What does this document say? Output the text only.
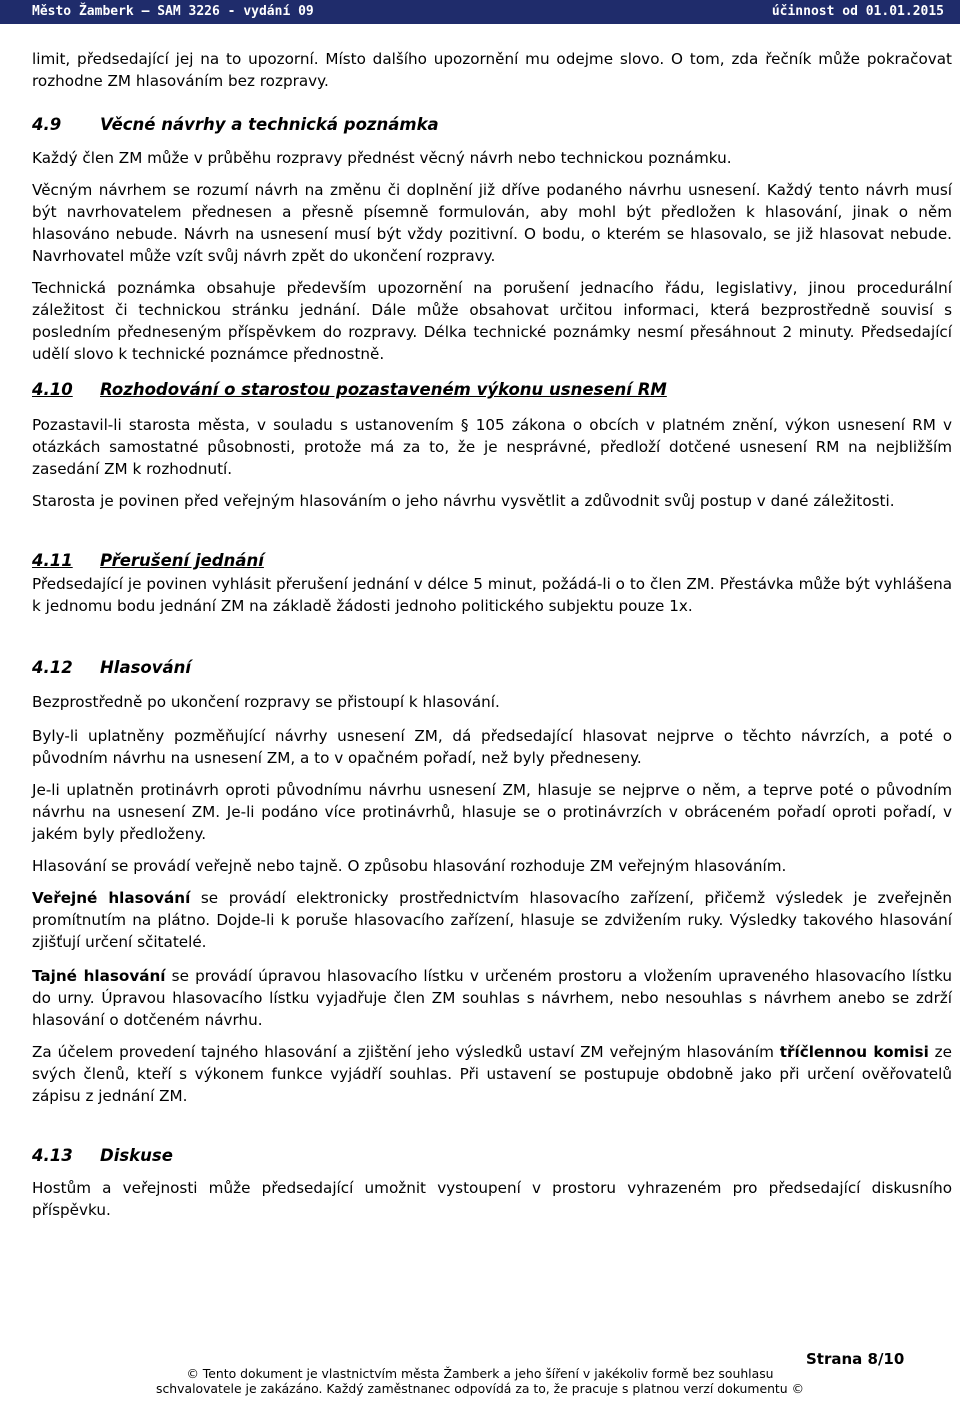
Město Žamberk – SAM 3226 - vydání 09	účinnost od 01.01.2015

limit, předsedající jej na to upozorní. Místo dalšího upozornění mu odejme slovo. O tom, zda řečník může pokračovat rozhodne ZM hlasováním bez rozpravy.

4.9	Věcné návrhy a technická poznámka

Každý člen ZM může v průběhu rozpravy přednést věcný návrh nebo technickou poznámku.

Věcným návrhem se rozumí návrh na změnu či doplnění již dříve podaného návrhu usnesení. Každý tento návrh musí být navrhovatelem přednesen a přesně písemně formulován, aby mohl být předložen k hlasování, jinak o něm hlasováno nebude. Návrh na usnesení musí být vždy pozitivní. O bodu, o kterém se hlasovalo, se již hlasovat nebude. Navrhovatel může vzít svůj návrh zpět do ukončení rozpravy.

Technická poznámka obsahuje především upozornění na porušení jednacího řádu, legislativy, jinou procedurální záležitost či technickou stránku jednání. Dále může obsahovat určitou informaci, která bezprostředně souvisí s posledním předneseným příspěvkem do rozpravy. Délka technické poznámky nesmí přesáhnout 2 minuty. Předsedající udělí slovo k technické poznámce přednostně.

4.10	Rozhodování o starostou pozastaveném výkonu usnesení RM

Pozastavil-li starosta města, v souladu s ustanovením § 105 zákona o obcích v platném znění, výkon usnesení RM v otázkách samostatné působnosti, protože má za to, že je nesprávné, předloží dotčené usnesení RM na nejbližším zasedání ZM k rozhodnutí.

Starosta je povinen před veřejným hlasováním o jeho návrhu vysvětlit a zdůvodnit svůj postup v dané záležitosti.

4.11	Přerušení jednání

Předsedající je povinen vyhlásit přerušení jednání v délce 5 minut, požádá-li o to člen ZM. Přestávka může být vyhlášena k jednomu bodu jednání ZM na základě žádosti jednoho politického subjektu pouze 1x.

4.12	Hlasování

Bezprostředně po ukončení rozpravy se přistoupí k hlasování.

Byly-li uplatněny pozměňující návrhy usnesení ZM, dá předsedající hlasovat nejprve o těchto návrzích, a poté o původním návrhu na usnesení ZM, a to v opačném pořadí, než byly předneseny.

Je-li uplatněn protinávrh oproti původnímu návrhu usnesení ZM, hlasuje se nejprve o něm, a teprve poté o původním návrhu na usnesení ZM. Je-li podáno více protinávrhů, hlasuje se o protinávrzích v obráceném pořadí oproti pořadí, v jakém byly předloženy.

Hlasování se provádí veřejně nebo tajně. O způsobu hlasování rozhoduje ZM veřejným hlasováním.

Veřejné hlasování se provádí elektronicky prostřednictvím hlasovacího zařízení, přičemž výsledek je zveřejněn promítnutím na plátno. Dojde-li k poruše hlasovacího zařízení, hlasuje se zdvižením ruky. Výsledky takového hlasování zjišťují určení sčitatelé.

Tajné hlasování se provádí úpravou hlasovacího lístku v určeném prostoru a vložením upraveného hlasovacího lístku do urny. Úpravou hlasovacího lístku vyjadřuje člen ZM souhlas s návrhem, nebo nesouhlas s návrhem anebo se zdrží hlasování o dotčeném návrhu.

Za účelem provedení tajného hlasování a zjištění jeho výsledků ustaví ZM veřejným hlasováním tříčlennou komisi ze svých členů, kteří s výkonem funkce vyjádří souhlas. Při ustavení se postupuje obdobně jako při určení ověřovatelů zápisu z jednání ZM.

4.13	Diskuse

Hostům a veřejnosti může předsedající umožnit vystoupení v prostoru vyhrazeném pro předsedající diskusního příspěvku.

Strana 8/10
© Tento dokument je vlastnictvím města Žamberk a jeho šíření v jakékoliv formě bez souhlasu
schvalovatele je zakázáno. Každý zaměstnanec odpovídá za to, že pracuje s platnou verzí dokumentu ©
